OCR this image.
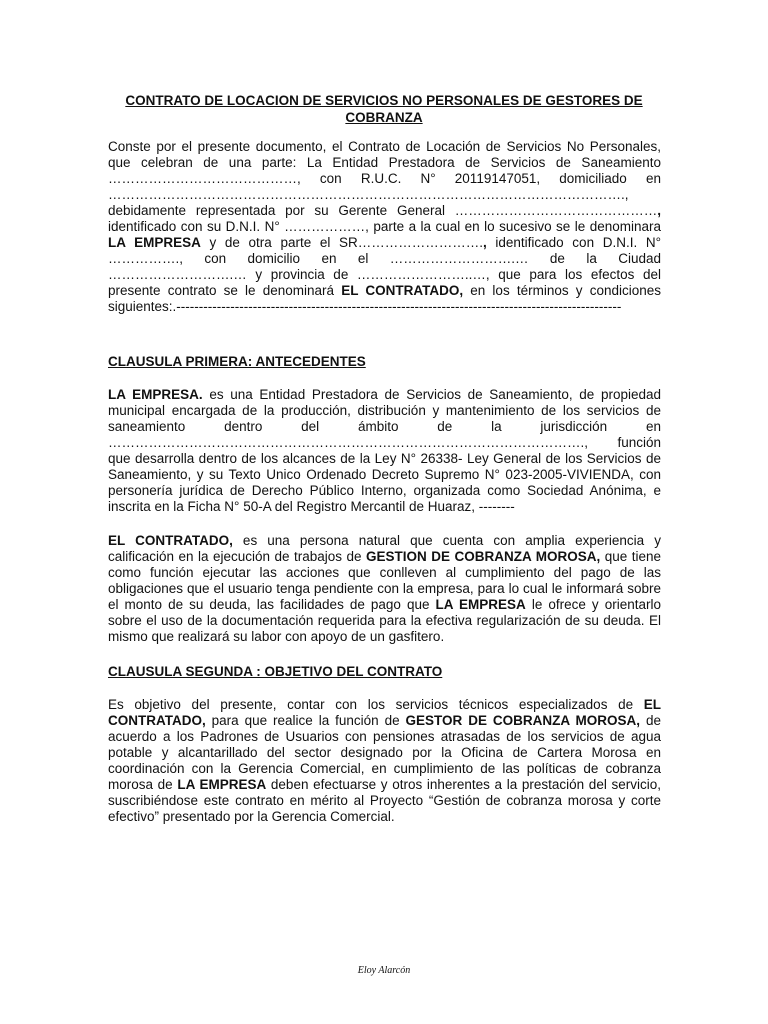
CONTRATO DE LOCACION DE SERVICIOS NO PERSONALES DE GESTORES DE COBRANZA
Conste por el presente documento, el Contrato de Locación de Servicios No Personales, que celebran de una parte: La Entidad Prestadora de Servicios de Saneamiento ……………………………………, con R.U.C. N° 20119147051, domiciliado en ……………………………………………………………………………………………………., debidamente representada por su Gerente General ………………………………………, identificado con su D.N.I. N° ………………, parte a la cual en lo sucesivo se le denominara LA EMPRESA y de otra parte el SR………………………., identificado con D.N.I. N° ……………., con domicilio en el ……………………….… de la Ciudad ……………………….… y provincia de ……………………..…, que para los efectos del presente contrato se le denominará EL CONTRATADO, en los términos y condiciones siguientes:.---------------------------------------------------------------------------------------------------
CLAUSULA PRIMERA: ANTECEDENTES
LA EMPRESA. es una Entidad Prestadora de Servicios de Saneamiento, de propiedad municipal encargada de la producción, distribución y mantenimiento de los servicios de saneamiento dentro del ámbito de la jurisdicción en ……………………………………………………………………………………………., función que desarrolla dentro de los alcances de la Ley N° 26338- Ley General de los Servicios de Saneamiento, y su Texto Unico Ordenado Decreto Supremo N° 023-2005-VIVIENDA, con personería jurídica de Derecho Público Interno, organizada como Sociedad Anónima, e inscrita en la Ficha N° 50-A del Registro Mercantil de Huaraz, --------
EL CONTRATADO, es una persona natural que cuenta con amplia experiencia y calificación en la ejecución de trabajos de GESTION DE COBRANZA MOROSA, que tiene como función ejecutar las acciones que conlleven al cumplimiento del pago de las obligaciones que el usuario tenga pendiente con la empresa, para lo cual le informará sobre el monto de su deuda, las facilidades de pago que LA EMPRESA le ofrece y orientarlo sobre el uso de la documentación requerida para la efectiva regularización de su deuda. El mismo que realizará su labor con apoyo de un gasfitero.
CLAUSULA SEGUNDA : OBJETIVO DEL CONTRATO
Es objetivo del presente, contar con los servicios técnicos especializados de EL CONTRATADO, para que realice la función de GESTOR DE COBRANZA MOROSA, de acuerdo a los Padrones de Usuarios con pensiones atrasadas de los servicios de agua potable y alcantarillado del sector designado por la Oficina de Cartera Morosa en coordinación con la Gerencia Comercial, en cumplimiento de las políticas de cobranza morosa de LA EMPRESA deben efectuarse y otros inherentes a la prestación del servicio, suscribiéndose este contrato en mérito al Proyecto “Gestión de cobranza morosa y corte efectivo” presentado por la Gerencia Comercial.
Eloy Alarcón
